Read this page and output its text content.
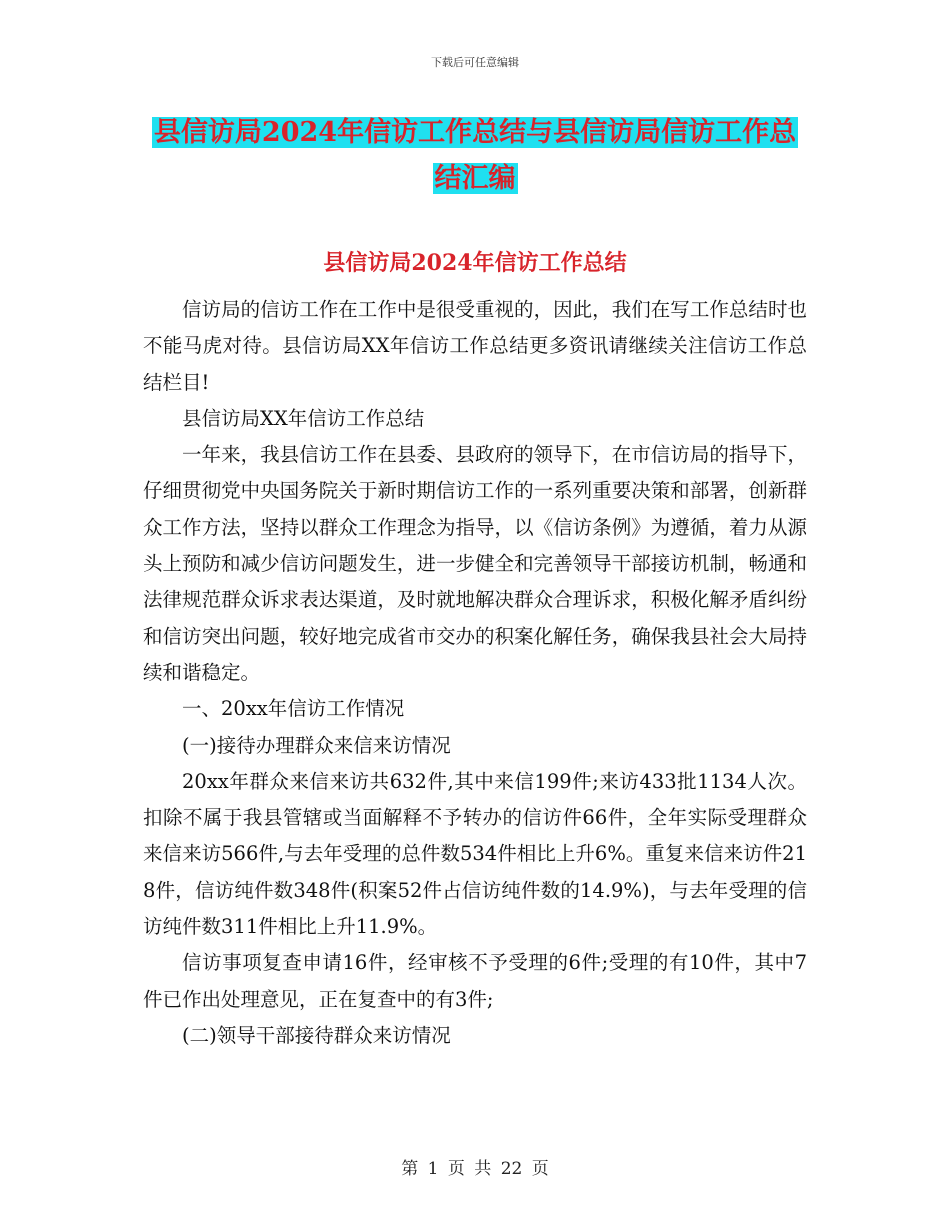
下载后可任意编辑
县信访局2024年信访工作总结与县信访局信访工作总
结汇编
县信访局2024年信访工作总结

信访局的信访工作在工作中是很受重视的，因此，我们在写工作总结时也不能马虎对待。县信访局XX年信访工作总结更多资讯请继续关注信访工作总结栏目!

县信访局XX年信访工作总结

一年来，我县信访工作在县委、县政府的领导下，在市信访局的指导下，仔细贯彻党中央国务院关于新时期信访工作的一系列重要决策和部署，创新群众工作方法，坚持以群众工作理念为指导，以《信访条例》为遵循，着力从源头上预防和减少信访问题发生，进一步健全和完善领导干部接访机制，畅通和法律规范群众诉求表达渠道，及时就地解决群众合理诉求，积极化解矛盾纠纷和信访突出问题，较好地完成省市交办的积案化解任务，确保我县社会大局持续和谐稳定。

一、20xx年信访工作情况

(一)接待办理群众来信来访情况

20xx年群众来信来访共632件,其中来信199件;来访433批1134人次。扣除不属于我县管辖或当面解释不予转办的信访件66件，全年实际受理群众来信来访566件,与去年受理的总件数534件相比上升6%。重复来信来访件218件，信访纯件数348件(积案52件占信访纯件数的14.9%)，与去年受理的信访纯件数311件相比上升11.9%。

信访事项复查申请16件，经审核不予受理的6件;受理的有10件，其中7件已作出处理意见，正在复查中的有3件;

(二)领导干部接待群众来访情况

第 1 页 共 22 页
